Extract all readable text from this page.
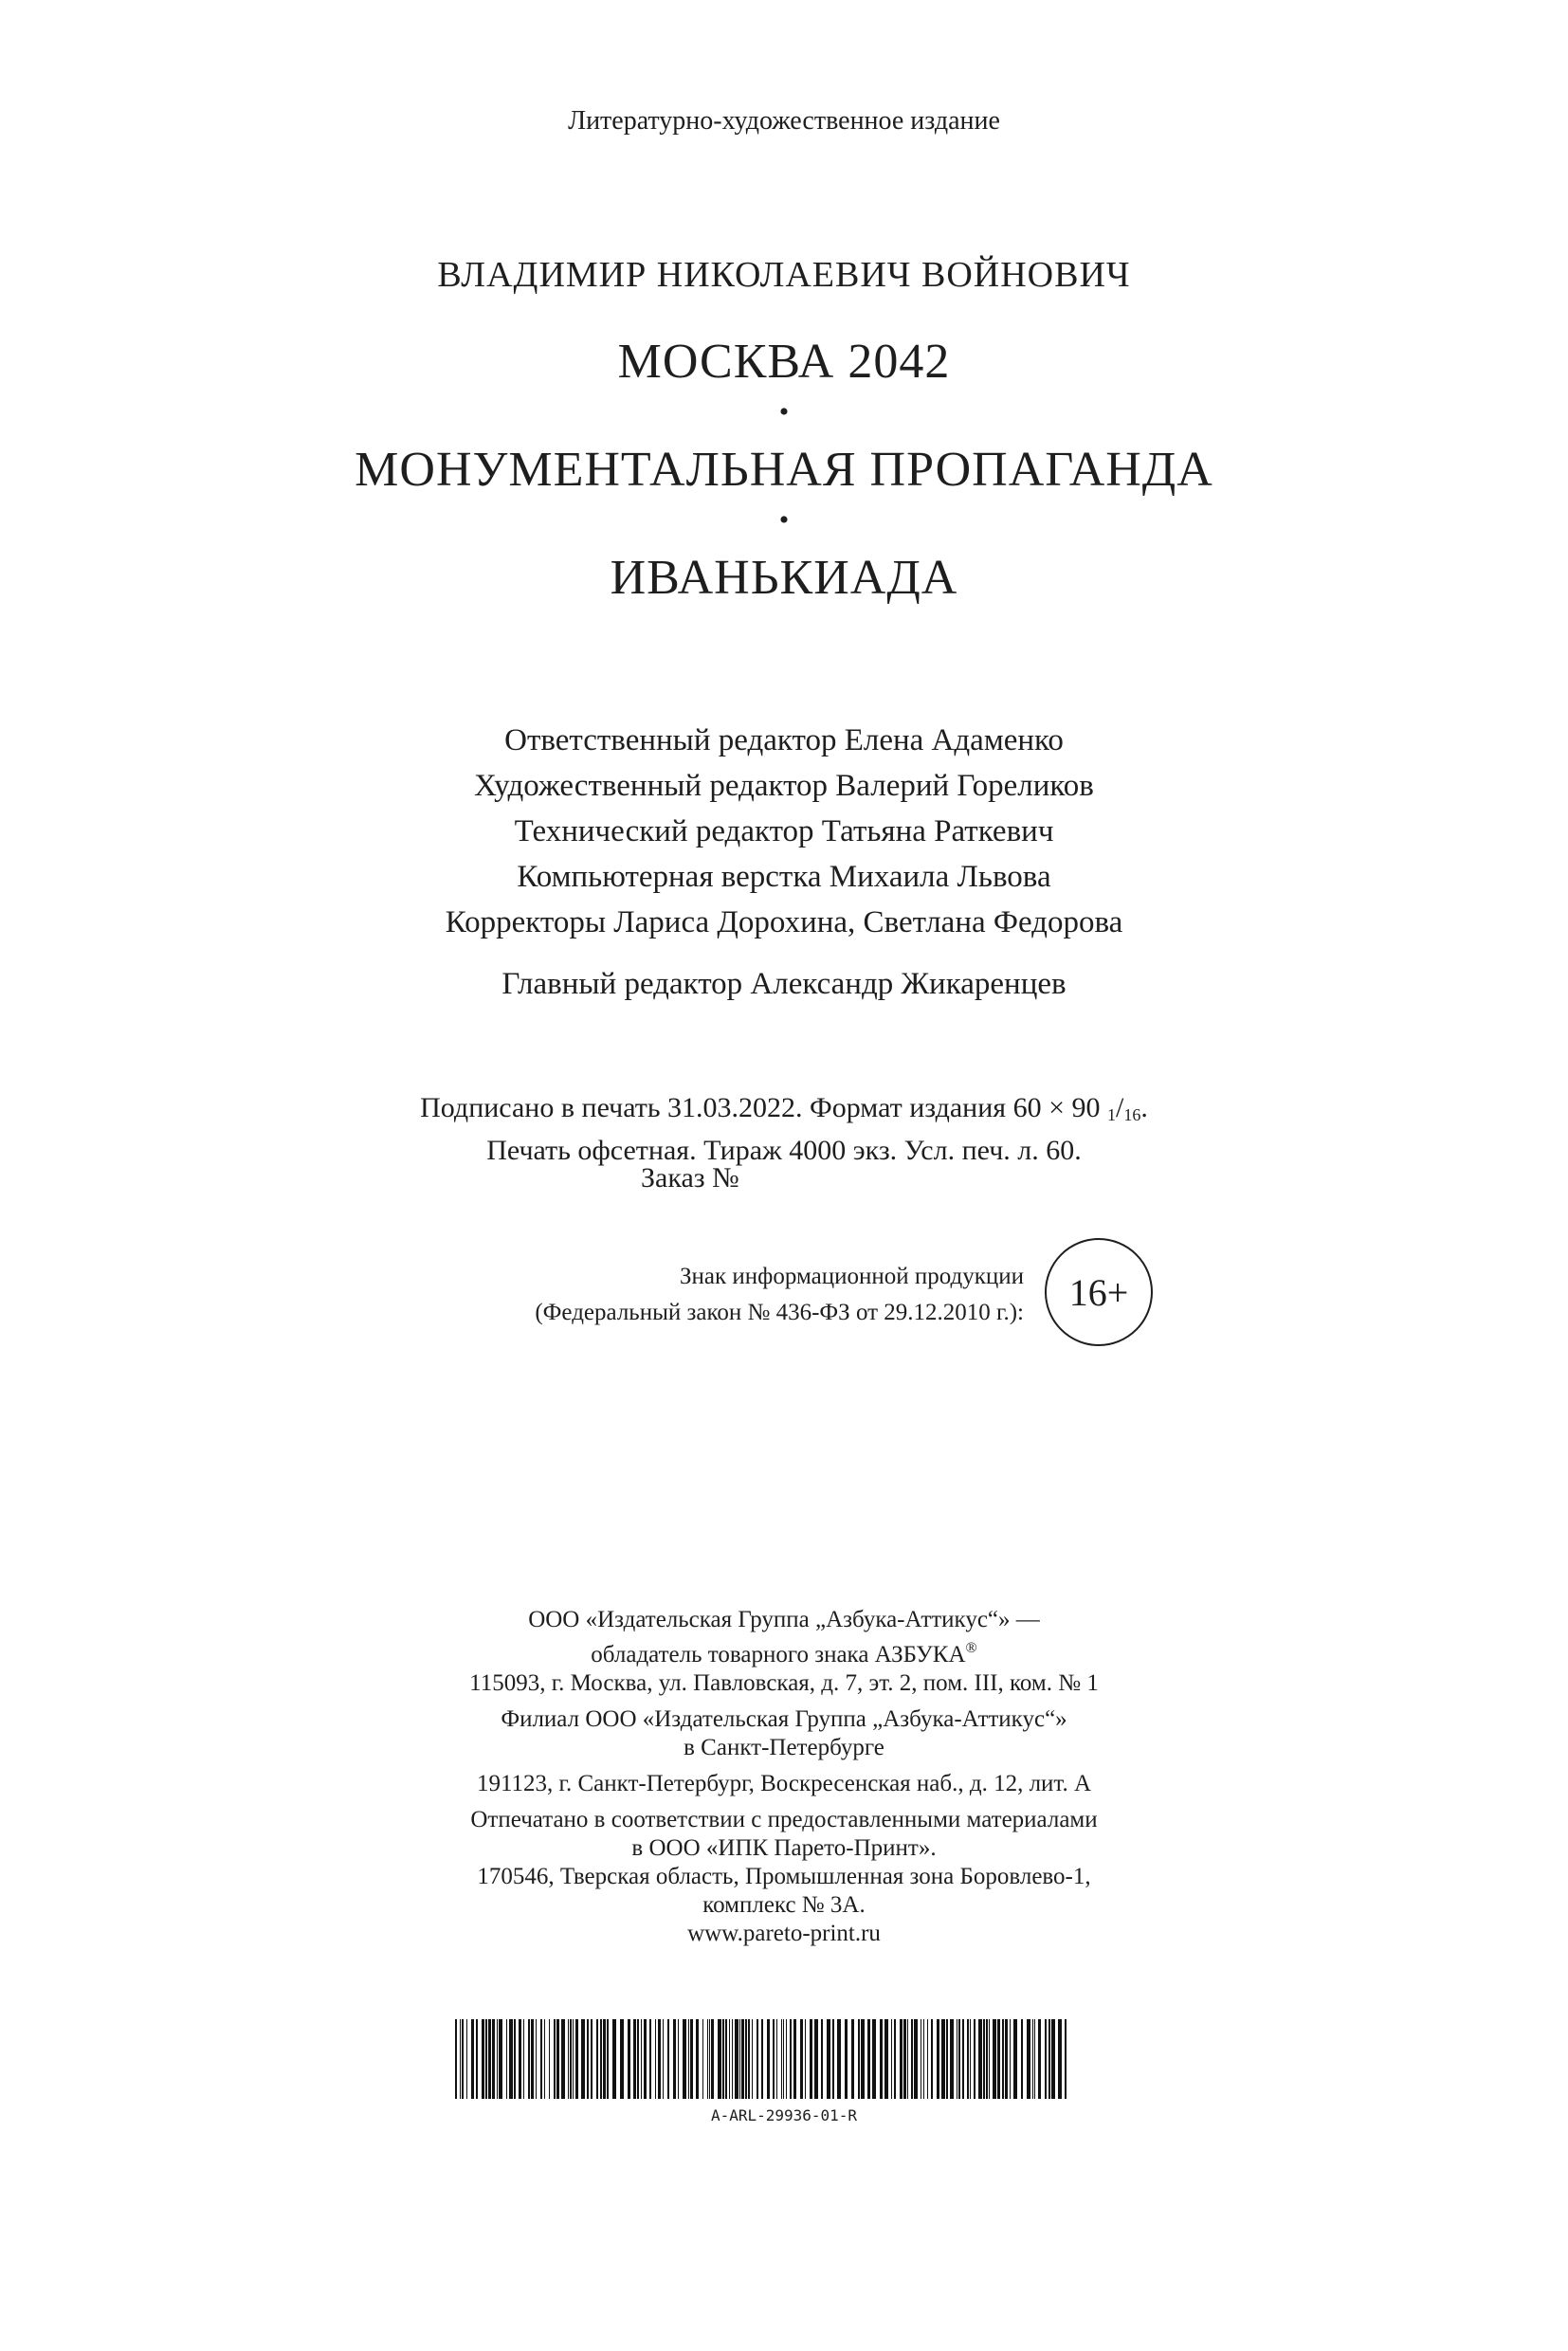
Литературно-художественное издание
ВЛАДИМИР НИКОЛАЕВИЧ ВОЙНОВИЧ
МОСКВА 2042
•
МОНУМЕНТАЛЬНАЯ ПРОПАГАНДА
•
ИВАНЬКИАДА
Ответственный редактор Елена Адаменко
Художественный редактор Валерий Гореликов
Технический редактор Татьяна Раткевич
Компьютерная верстка Михаила Львова
Корректоры Лариса Дорохина, Светлана Федорова
Главный редактор Александр Жикаренцев
Подписано в печать 31.03.2022. Формат издания 60 × 90 $^1/_{16}$.
Печать офсетная. Тираж 4000 экз. Усл. печ. л. 60.
Заказ №
Знак информационной продукции
(Федеральный закон № 436-ФЗ от 29.12.2010 г.): 16+
ООО «Издательская Группа „Азбука-Аттикус“» —
обладатель товарного знака АЗБУКА®
115093, г. Москва, ул. Павловская, д. 7, эт. 2, пом. III, ком. № 1
Филиал ООО «Издательская Группа „Азбука-Аттикус“»
в Санкт-Петербурге
191123, г. Санкт-Петербург, Воскресенская наб., д. 12, лит. А
Отпечатано в соответствии с предоставленными материалами
в ООО «ИПК Парето-Принт».
170546, Тверская область, Промышленная зона Боровлево-1,
комплекс № 3А.
www.pareto-print.ru
A-ARL-29936-01-R
